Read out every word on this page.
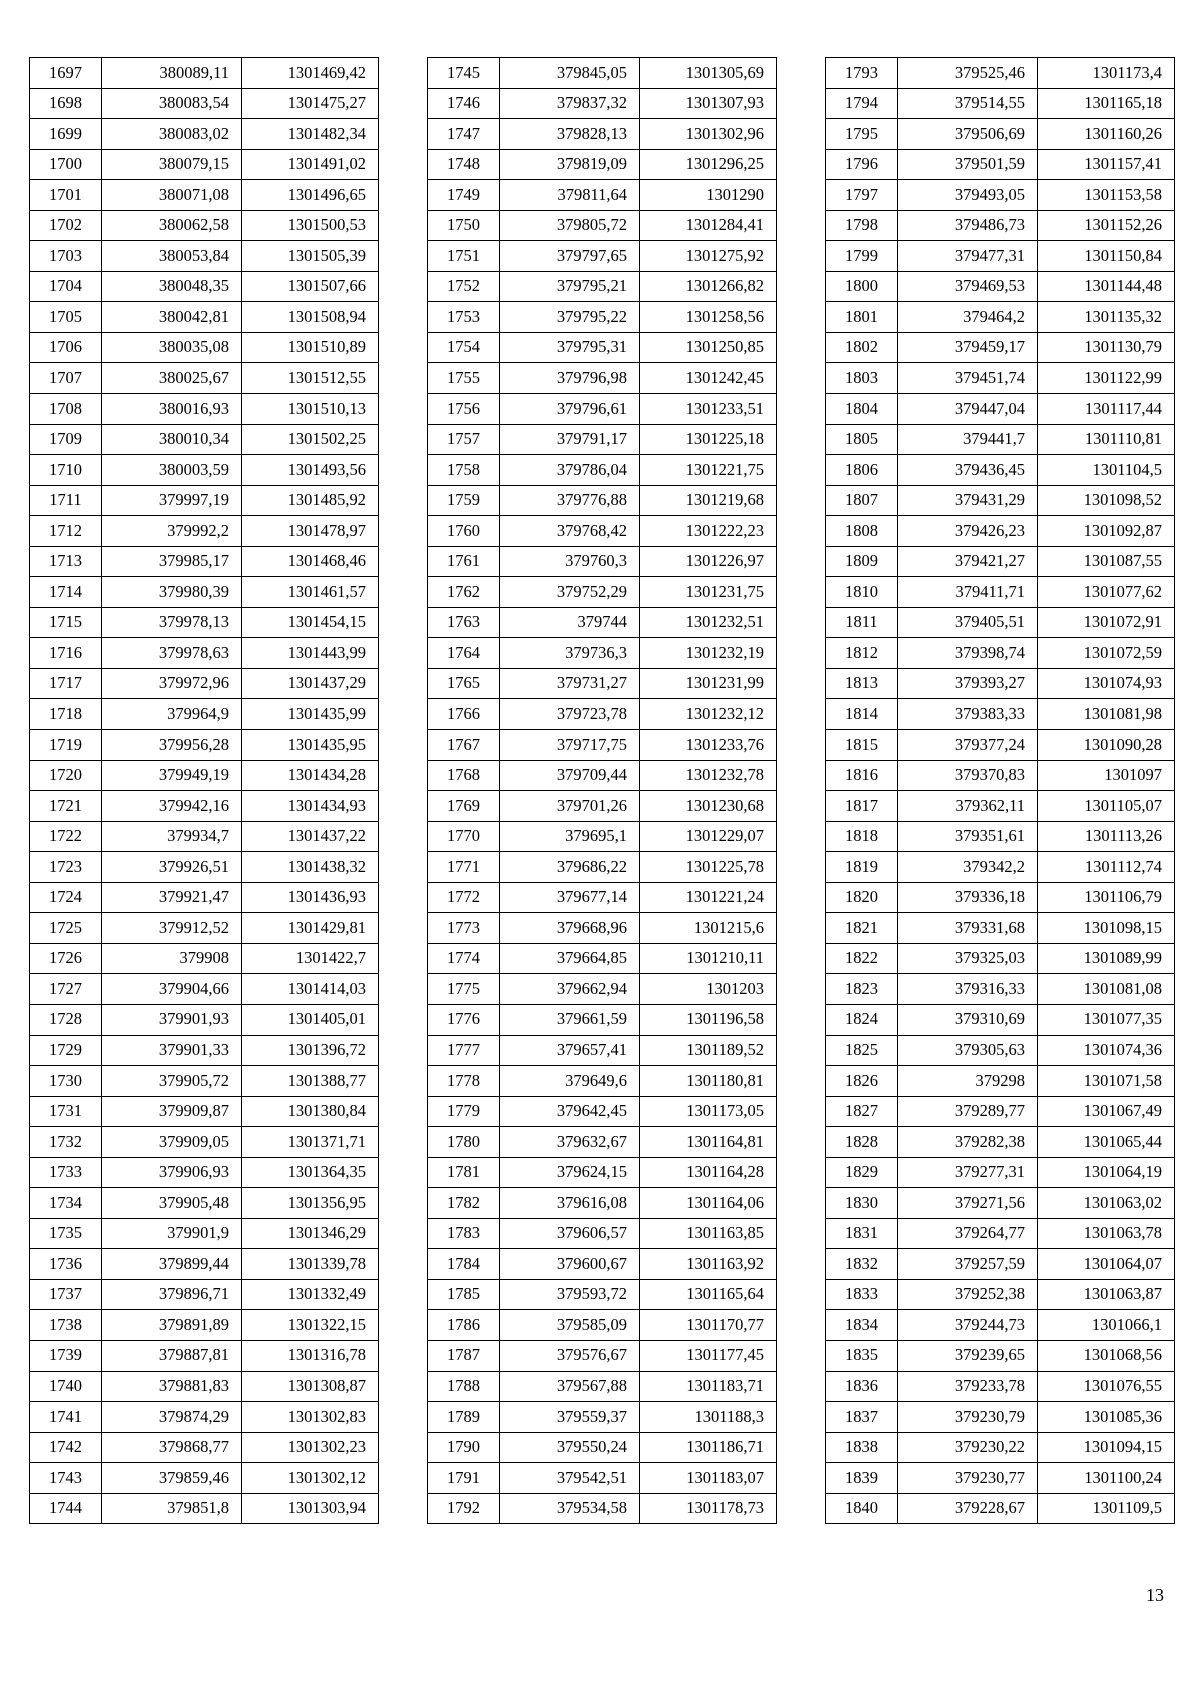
1697	380089,11	1301469,42
1698	380083,54	1301475,27
1699	380083,02	1301482,34
1700	380079,15	1301491,02
1701	380071,08	1301496,65
1702	380062,58	1301500,53
1703	380053,84	1301505,39
1704	380048,35	1301507,66
1705	380042,81	1301508,94
1706	380035,08	1301510,89
1707	380025,67	1301512,55
1708	380016,93	1301510,13
1709	380010,34	1301502,25
1710	380003,59	1301493,56
1711	379997,19	1301485,92
1712	379992,2	1301478,97
1713	379985,17	1301468,46
1714	379980,39	1301461,57
1715	379978,13	1301454,15
1716	379978,63	1301443,99
1717	379972,96	1301437,29
1718	379964,9	1301435,99
1719	379956,28	1301435,95
1720	379949,19	1301434,28
1721	379942,16	1301434,93
1722	379934,7	1301437,22
1723	379926,51	1301438,32
1724	379921,47	1301436,93
1725	379912,52	1301429,81
1726	379908	1301422,7
1727	379904,66	1301414,03
1728	379901,93	1301405,01
1729	379901,33	1301396,72
1730	379905,72	1301388,77
1731	379909,87	1301380,84
1732	379909,05	1301371,71
1733	379906,93	1301364,35
1734	379905,48	1301356,95
1735	379901,9	1301346,29
1736	379899,44	1301339,78
1737	379896,71	1301332,49
1738	379891,89	1301322,15
1739	379887,81	1301316,78
1740	379881,83	1301308,87
1741	379874,29	1301302,83
1742	379868,77	1301302,23
1743	379859,46	1301302,12
1744	379851,8	1301303,94
1745	379845,05	1301305,69
1746	379837,32	1301307,93
1747	379828,13	1301302,96
1748	379819,09	1301296,25
1749	379811,64	1301290
1750	379805,72	1301284,41
1751	379797,65	1301275,92
1752	379795,21	1301266,82
1753	379795,22	1301258,56
1754	379795,31	1301250,85
1755	379796,98	1301242,45
1756	379796,61	1301233,51
1757	379791,17	1301225,18
1758	379786,04	1301221,75
1759	379776,88	1301219,68
1760	379768,42	1301222,23
1761	379760,3	1301226,97
1762	379752,29	1301231,75
1763	379744	1301232,51
1764	379736,3	1301232,19
1765	379731,27	1301231,99
1766	379723,78	1301232,12
1767	379717,75	1301233,76
1768	379709,44	1301232,78
1769	379701,26	1301230,68
1770	379695,1	1301229,07
1771	379686,22	1301225,78
1772	379677,14	1301221,24
1773	379668,96	1301215,6
1774	379664,85	1301210,11
1775	379662,94	1301203
1776	379661,59	1301196,58
1777	379657,41	1301189,52
1778	379649,6	1301180,81
1779	379642,45	1301173,05
1780	379632,67	1301164,81
1781	379624,15	1301164,28
1782	379616,08	1301164,06
1783	379606,57	1301163,85
1784	379600,67	1301163,92
1785	379593,72	1301165,64
1786	379585,09	1301170,77
1787	379576,67	1301177,45
1788	379567,88	1301183,71
1789	379559,37	1301188,3
1790	379550,24	1301186,71
1791	379542,51	1301183,07
1792	379534,58	1301178,73
1793	379525,46	1301173,4
1794	379514,55	1301165,18
1795	379506,69	1301160,26
1796	379501,59	1301157,41
1797	379493,05	1301153,58
1798	379486,73	1301152,26
1799	379477,31	1301150,84
1800	379469,53	1301144,48
1801	379464,2	1301135,32
1802	379459,17	1301130,79
1803	379451,74	1301122,99
1804	379447,04	1301117,44
1805	379441,7	1301110,81
1806	379436,45	1301104,5
1807	379431,29	1301098,52
1808	379426,23	1301092,87
1809	379421,27	1301087,55
1810	379411,71	1301077,62
1811	379405,51	1301072,91
1812	379398,74	1301072,59
1813	379393,27	1301074,93
1814	379383,33	1301081,98
1815	379377,24	1301090,28
1816	379370,83	1301097
1817	379362,11	1301105,07
1818	379351,61	1301113,26
1819	379342,2	1301112,74
1820	379336,18	1301106,79
1821	379331,68	1301098,15
1822	379325,03	1301089,99
1823	379316,33	1301081,08
1824	379310,69	1301077,35
1825	379305,63	1301074,36
1826	379298	1301071,58
1827	379289,77	1301067,49
1828	379282,38	1301065,44
1829	379277,31	1301064,19
1830	379271,56	1301063,02
1831	379264,77	1301063,78
1832	379257,59	1301064,07
1833	379252,38	1301063,87
1834	379244,73	1301066,1
1835	379239,65	1301068,56
1836	379233,78	1301076,55
1837	379230,79	1301085,36
1838	379230,22	1301094,15
1839	379230,77	1301100,24
1840	379228,67	1301109,5
13
